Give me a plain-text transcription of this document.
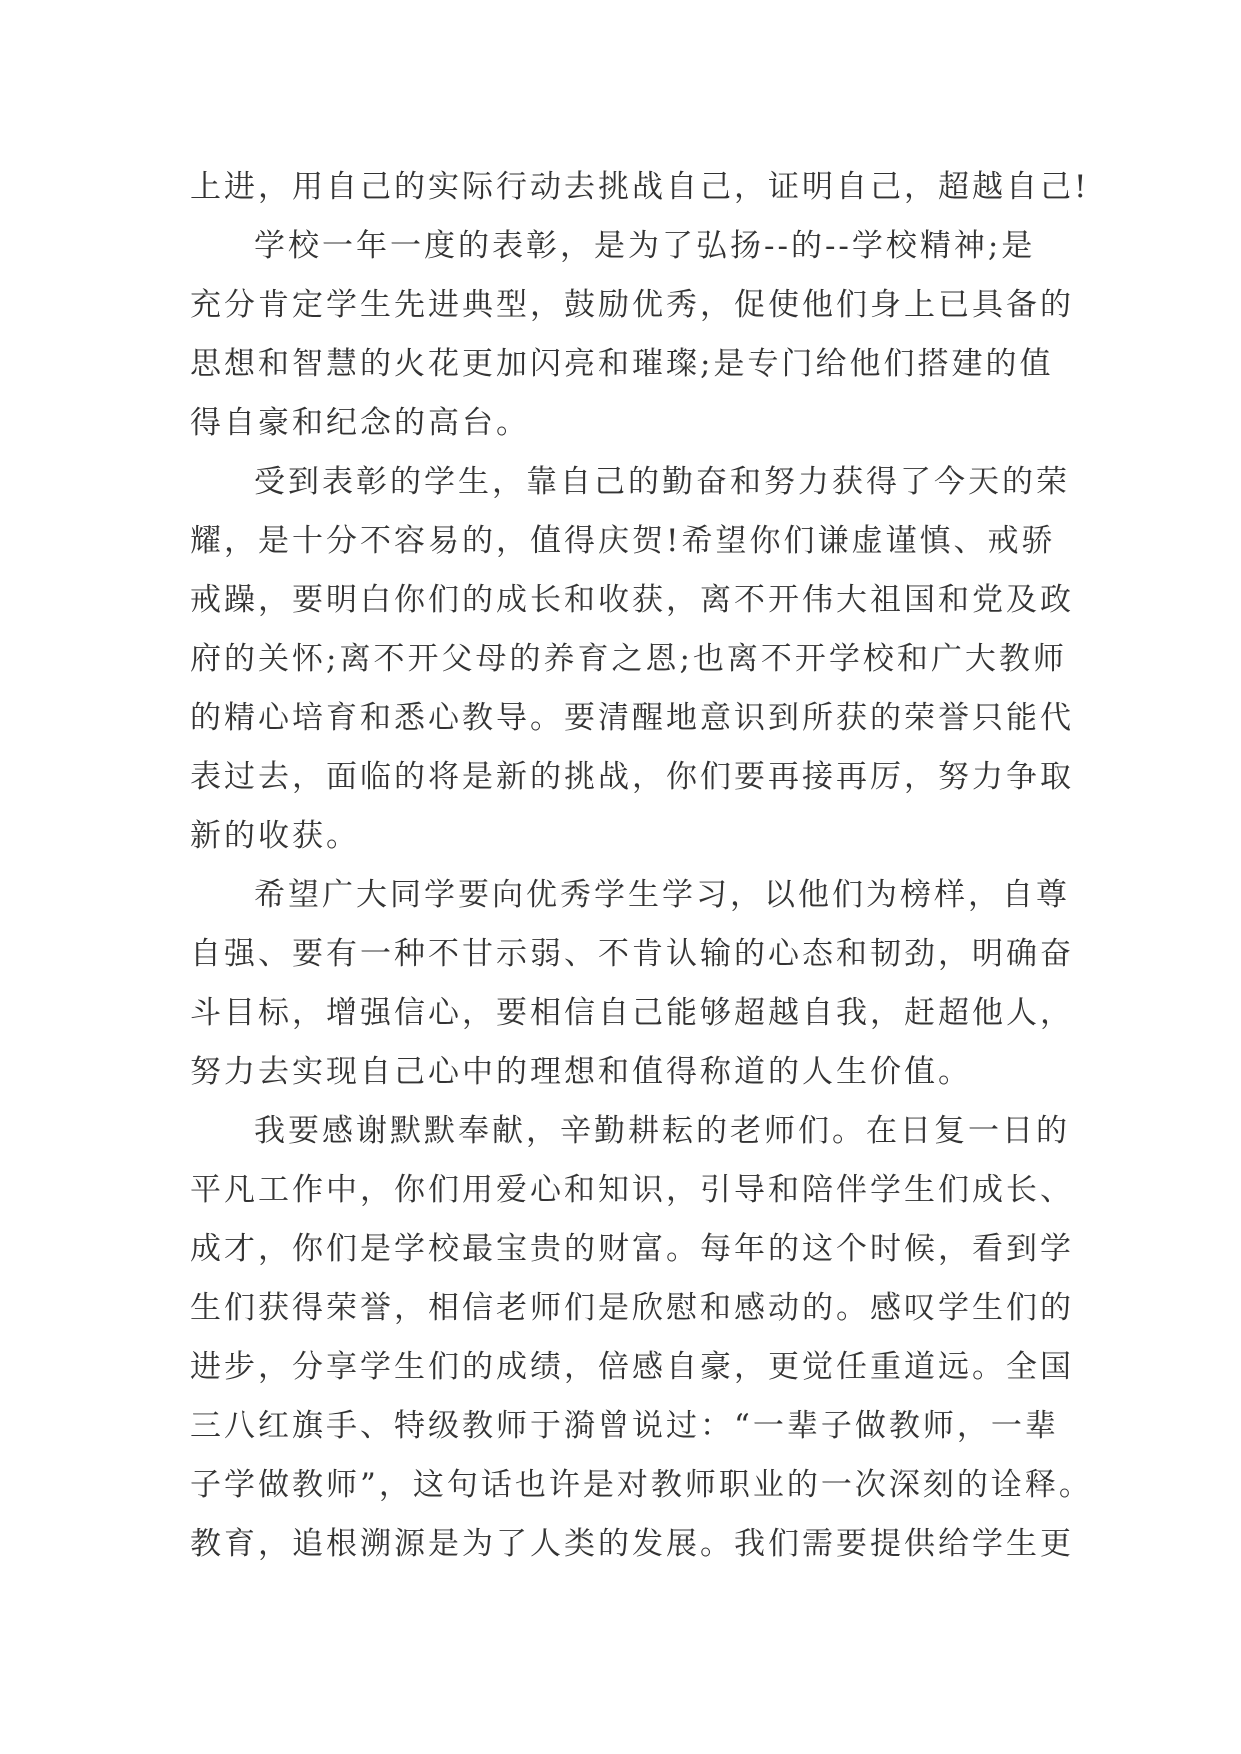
上进，用自己的实际行动去挑战自己，证明自己，超越自己!
学校一年一度的表彰，是为了弘扬--的--学校精神;是
充分肯定学生先进典型，鼓励优秀，促使他们身上已具备的
思想和智慧的火花更加闪亮和璀璨;是专门给他们搭建的值
得自豪和纪念的高台。
受到表彰的学生，靠自己的勤奋和努力获得了今天的荣
耀，是十分不容易的，值得庆贺!希望你们谦虚谨慎、戒骄
戒躁，要明白你们的成长和收获，离不开伟大祖国和党及政
府的关怀;离不开父母的养育之恩;也离不开学校和广大教师
的精心培育和悉心教导。要清醒地意识到所获的荣誉只能代
表过去，面临的将是新的挑战，你们要再接再厉，努力争取
新的收获。
希望广大同学要向优秀学生学习，以他们为榜样，自尊
自强、要有一种不甘示弱、不肯认输的心态和韧劲，明确奋
斗目标，增强信心，要相信自己能够超越自我，赶超他人，
努力去实现自己心中的理想和值得称道的人生价值。
我要感谢默默奉献，辛勤耕耘的老师们。在日复一日的
平凡工作中，你们用爱心和知识，引导和陪伴学生们成长、
成才，你们是学校最宝贵的财富。每年的这个时候，看到学
生们获得荣誉，相信老师们是欣慰和感动的。感叹学生们的
进步，分享学生们的成绩，倍感自豪，更觉任重道远。全国
三八红旗手、特级教师于漪曾说过：“一辈子做教师，一辈
子学做教师”，这句话也许是对教师职业的一次深刻的诠释。
教育，追根溯源是为了人类的发展。我们需要提供给学生更
